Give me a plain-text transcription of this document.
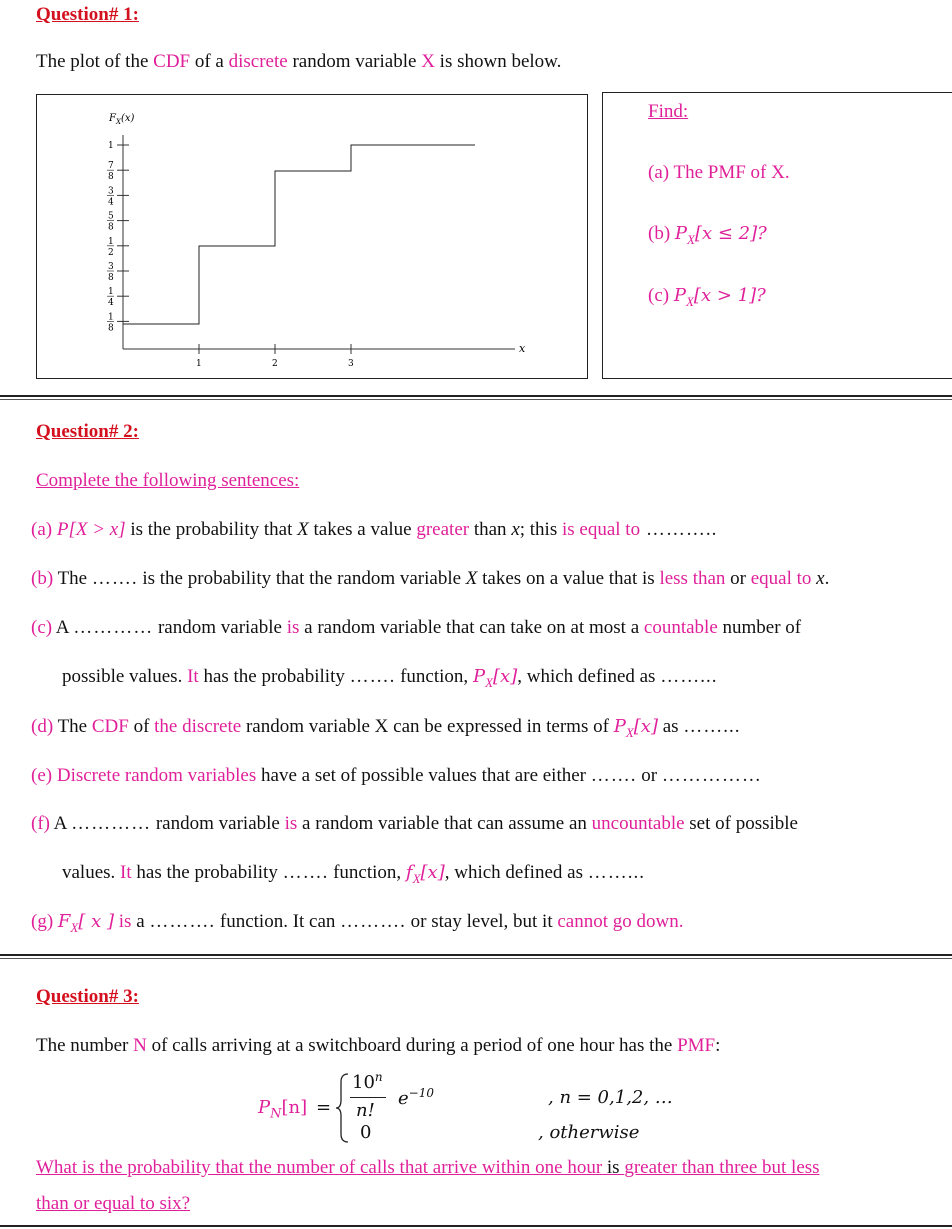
Question# 1:
The plot of the CDF of a discrete random variable X is shown below.
$F_X(x)$
x
1
7
8
3
4
5
8
1
2
3
8
1
4
1
8
1	2	3
Find:
(a) The PMF of X.
(b) $P_X[x \le 2]$?
(c) $P_X[x > 1]$?
Question# 2:
Complete the following sentences:
(a) P[X > x] is the probability that X takes a value greater than x; this is equal to ………..
(b) The ……. is the probability that the random variable X takes on a value that is less than or equal to x.
(c) A ………… random variable is a random variable that can take on at most a countable number of
possible values. It has the probability ……. function, $P_X[x]$, which defined as ……...
(d) The CDF of the discrete random variable X can be expressed in terms of $P_X[x]$ as ……...
(e) Discrete random variables have a set of possible values that are either ……. or ……………
(f) A ………… random variable is a random variable that can assume an uncountable set of possible
values. It has the probability ……. function, $f_X[x]$, which defined as ……...
(g) $F_X$[ x ] is a ………. function. It can ………. or stay level, but it cannot go down.
Question# 3:
The number N of calls arriving at a switchboard during a period of one hour has the PMF:
$P_N[n]$ =
$10^n$
n!
$e^{-10}$
0
, n = 0,1,2, …
, otherwise
What is the probability that the number of calls that arrive within one hour is greater than three but less
than or equal to six?
